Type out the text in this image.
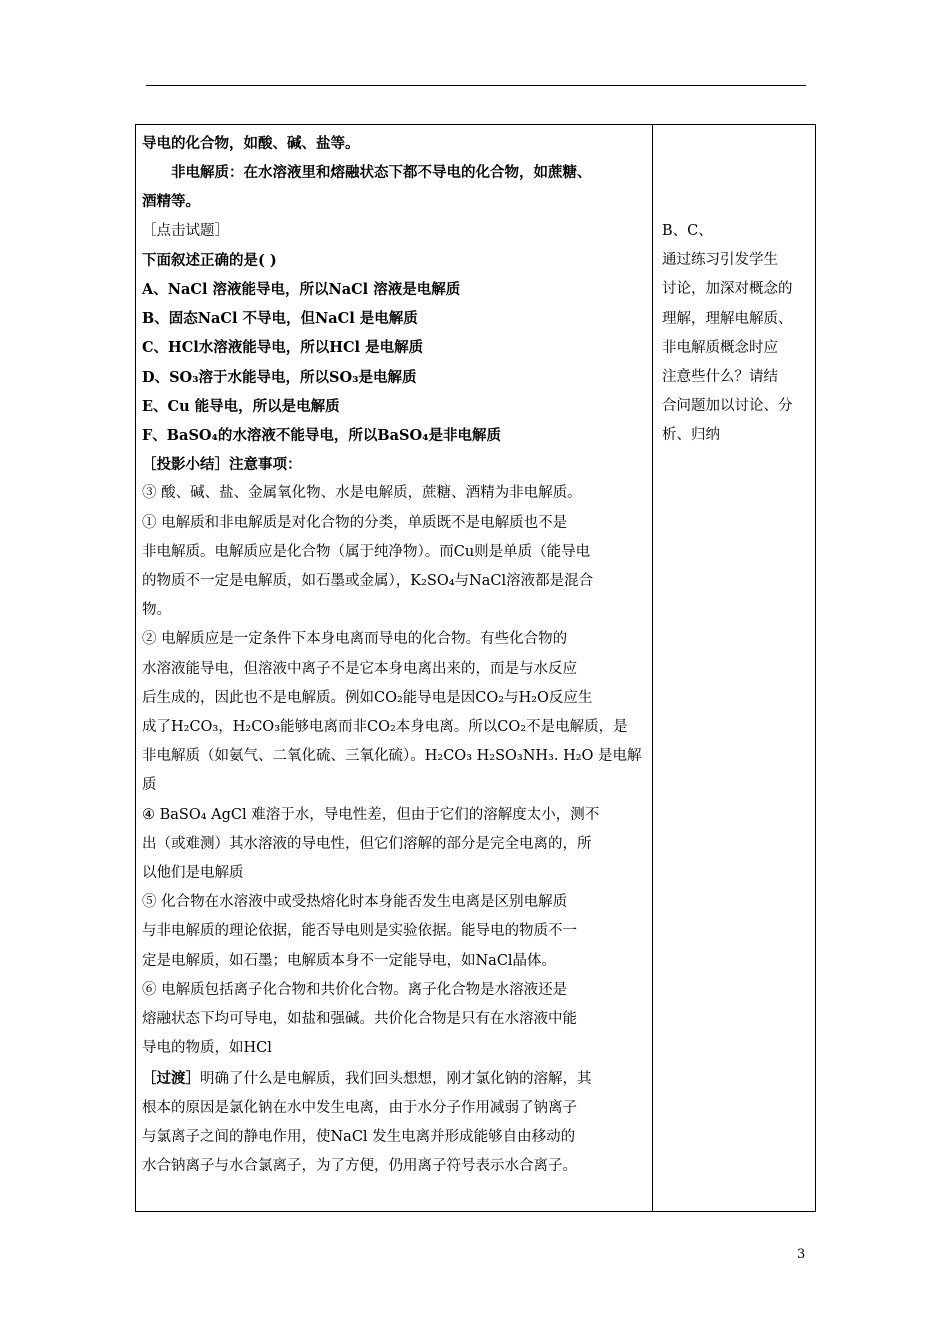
导电的化合物，如酸、碱、盐等。
非电解质：在水溶液里和熔融状态下都不导电的化合物，如蔗糖、
酒精等。
［点击试题］
下面叙述正确的是( )
A、NaCl 溶液能导电，所以NaCl 溶液是电解质
B、固态NaCl 不导电，但NaCl 是电解质
C、HCl水溶液能导电，所以HCl 是电解质
D、SO₃溶于水能导电，所以SO₃是电解质
E、Cu 能导电，所以是电解质
F、BaSO₄的水溶液不能导电，所以BaSO₄是非电解质
［投影小结］注意事项：
③ 酸、碱、盐、金属氧化物、水是电解质，蔗糖、酒精为非电解质。
① 电解质和非电解质是对化合物的分类，单质既不是电解质也不是
非电解质。电解质应是化合物（属于纯净物）。而Cu则是单质（能导电
的物质不一定是电解质，如石墨或金属），K₂SO₄与NaCl溶液都是混合
物。
② 电解质应是一定条件下本身电离而导电的化合物。有些化合物的
水溶液能导电，但溶液中离子不是它本身电离出来的，而是与水反应
后生成的，因此也不是电解质。例如CO₂能导电是因CO₂与H₂O反应生
成了H₂CO₃，H₂CO₃能够电离而非CO₂本身电离。所以CO₂不是电解质，是
非电解质（如氨气、二氧化硫、三氧化硫）。H₂CO₃ H₂SO₃NH₃. H₂O 是电解
质
④ BaSO₄ AgCl 难溶于水，导电性差，但由于它们的溶解度太小，测不
出（或难测）其水溶液的导电性，但它们溶解的部分是完全电离的，所
以他们是电解质
⑤ 化合物在水溶液中或受热熔化时本身能否发生电离是区别电解质
与非电解质的理论依据，能否导电则是实验依据。能导电的物质不一
定是电解质，如石墨；电解质本身不一定能导电，如NaCl晶体。
⑥ 电解质包括离子化合物和共价化合物。离子化合物是水溶液还是
熔融状态下均可导电，如盐和强碱。共价化合物是只有在水溶液中能
导电的物质，如HCl
［过渡］明确了什么是电解质，我们回头想想，刚才氯化钠的溶解，其
根本的原因是氯化钠在水中发生电离，由于水分子作用减弱了钠离子
与氯离子之间的静电作用，使NaCl 发生电离并形成能够自由移动的
水合钠离子与水合氯离子，为了方便，仍用离子符号表示水合离子。
B、C、
通过练习引发学生
讨论，加深对概念的
理解，理解电解质、
非电解质概念时应
注意些什么？请结
合问题加以讨论、分
析、归纳
3
